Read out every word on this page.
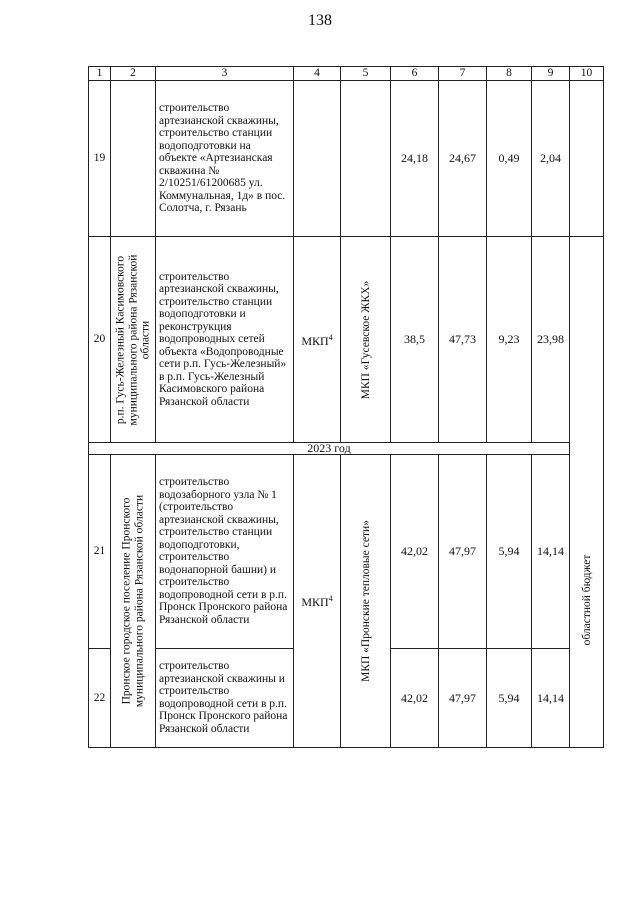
138
1	2	3	4	5	6	7	8	9	10
19		строительство артезианской скважины, строительство станции водоподготовки на объекте «Артезианская скважина № 2/10251/61200685 ул. Коммунальная, 1д» в пос. Солотча, г. Рязань			24,18	24,67	0,49	2,04	
20	р.п. Гусь-Железный Касимовского муниципального района Рязанской области	строительство артезианской скважины, строительство станции водоподготовки и реконструкция водопроводных сетей объекта «Водопроводные сети р.п. Гусь-Железный» в р.п. Гусь-Железный Касимовского района Рязанской области	МКП$^4$	МКП «Гусевское ЖКХ»	38,5	47,73	9,23	23,98	областной бюджет

2023 год									
21	Пронское городское поселение Пронского муниципального района Рязанской области	строительство водозаборного узла № 1 (строительство артезианской скважины, строительство станции водоподготовки, строительство водонапорной башни) и строительство водопроводной сети в р.п. Пронск Пронского района Рязанской области	МКП$^4$	МКП «Пронские тепловые сети»	42,02	47,97	5,94	14,14	
22		строительство артезианской скважины и строительство водопроводной сети в р.п. Пронск Пронского района Рязанской области			42,02	47,97	5,94	14,14	
